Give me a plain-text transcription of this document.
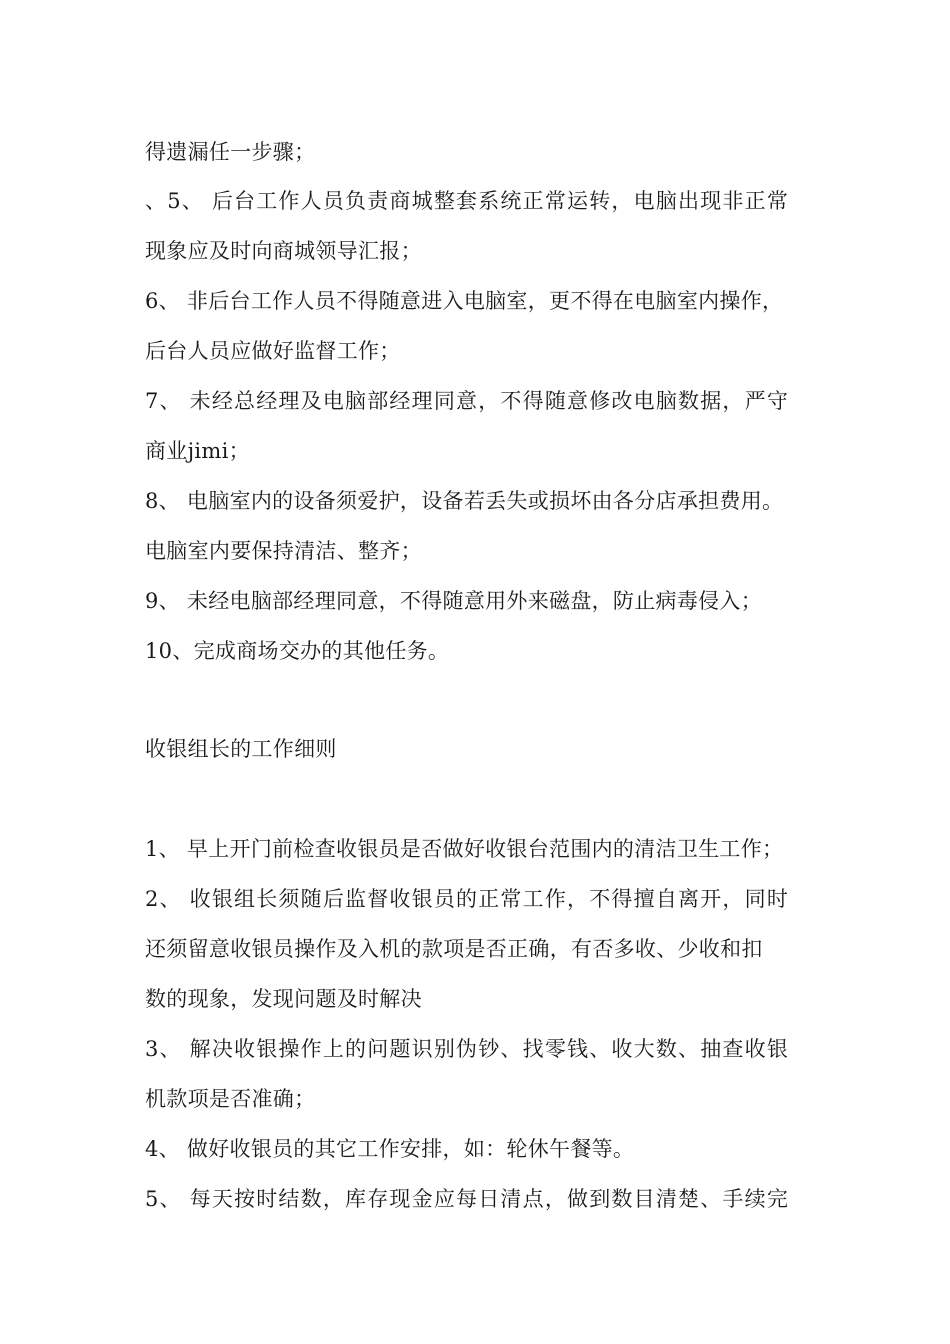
得遗漏任一步骤；
、5、 后台工作人员负责商城整套系统正常运转，电脑出现非正常
现象应及时向商城领导汇报；
6、 非后台工作人员不得随意进入电脑室，更不得在电脑室内操作，
后台人员应做好监督工作；
7、 未经总经理及电脑部经理同意，不得随意修改电脑数据，严守
商业jimi；
8、 电脑室内的设备须爱护，设备若丢失或损坏由各分店承担费用。
电脑室内要保持清洁、整齐；
9、 未经电脑部经理同意，不得随意用外来磁盘，防止病毒侵入；
10、完成商场交办的其他任务。
收银组长的工作细则
1、 早上开门前检查收银员是否做好收银台范围内的清洁卫生工作；
2、 收银组长须随后监督收银员的正常工作，不得擅自离开，同时
还须留意收银员操作及入机的款项是否正确，有否多收、少收和扣
数的现象，发现问题及时解决
3、 解决收银操作上的问题识别伪钞、找零钱、收大数、抽查收银
机款项是否准确；
4、 做好收银员的其它工作安排，如：轮休午餐等。
5、 每天按时结数，库存现金应每日清点，做到数目清楚、手续完
